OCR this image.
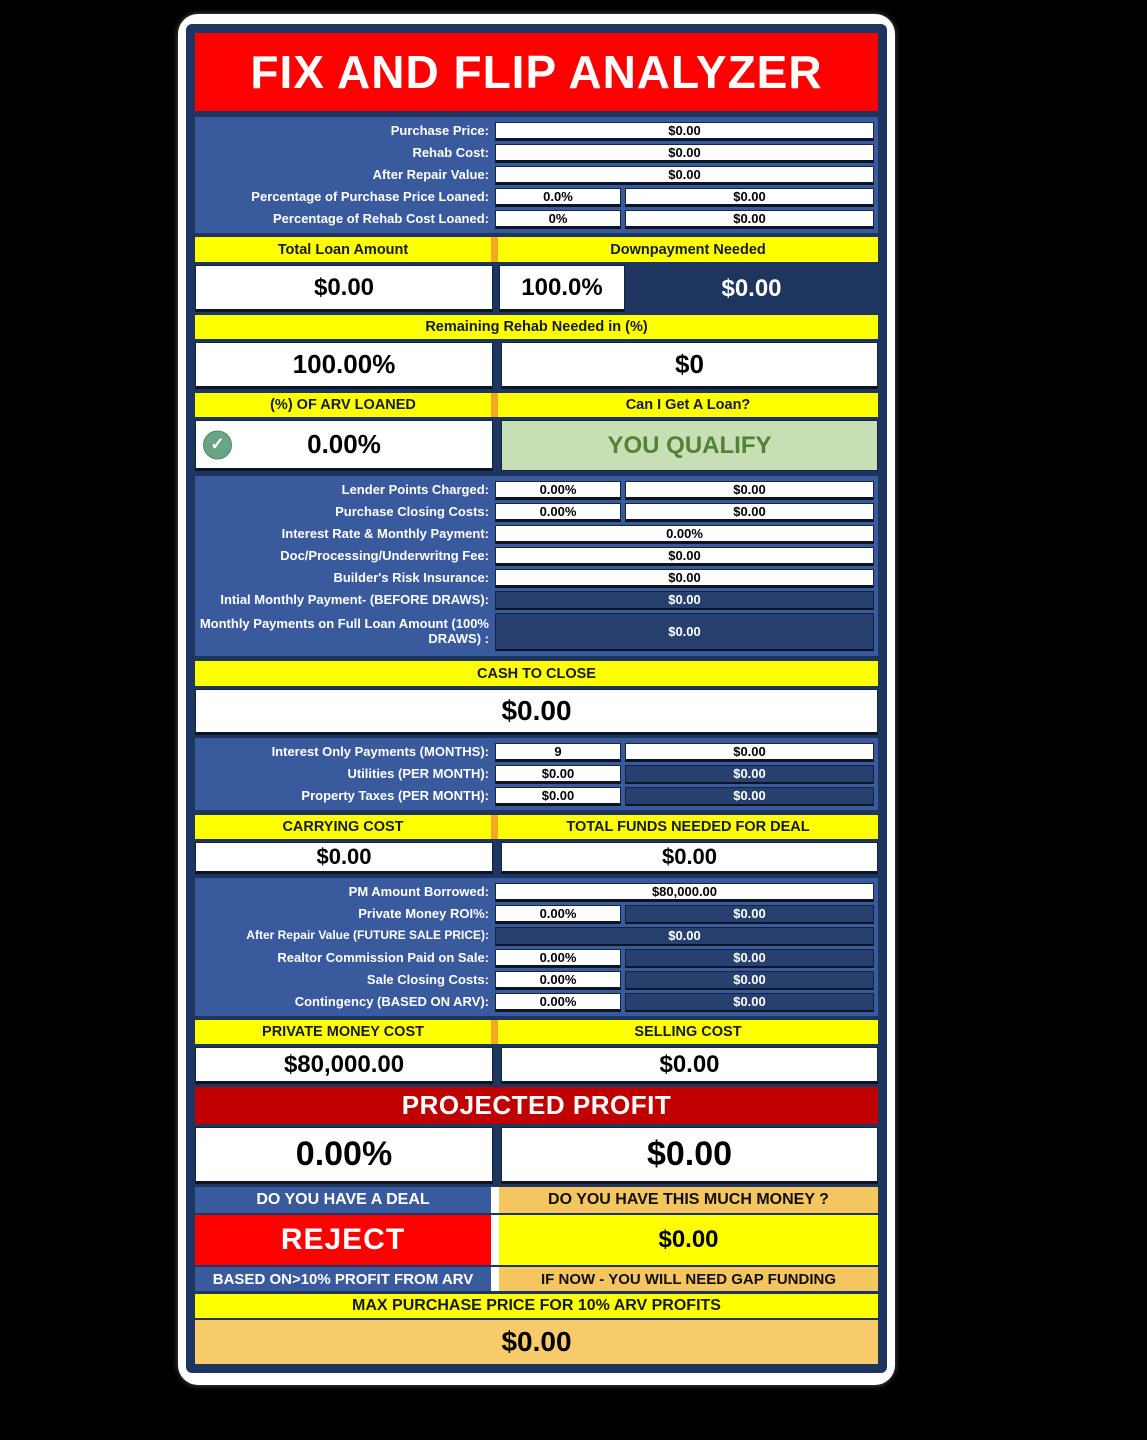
FIX AND FLIP ANALYZER
Purchase Price:	$0.00
Rehab Cost:	$0.00
After Repair Value:	$0.00
Percentage of Purchase Price Loaned:	0.0%	$0.00
Percentage of Rehab Cost Loaned:	0%	$0.00
Total Loan Amount	Downpayment Needed
$0.00	100.0%	$0.00
Remaining Rehab Needed in (%)
100.00%	$0
(%) OF ARV LOANED	Can I Get A Loan?
✓	0.00%	YOU QUALIFY
Lender Points Charged:	0.00%	$0.00
Purchase Closing Costs:	0.00%	$0.00
Interest Rate & Monthly Payment:	0.00%
Doc/Processing/Underwritng Fee:	$0.00
Builder's Risk Insurance:	$0.00
Intial Monthly Payment- (BEFORE DRAWS):	$0.00
Monthly Payments on Full Loan Amount (100% DRAWS) :	$0.00
CASH TO CLOSE
$0.00
Interest Only Payments (MONTHS):	9	$0.00
Utilities (PER MONTH):	$0.00	$0.00
Property Taxes (PER MONTH):	$0.00	$0.00
CARRYING COST	TOTAL FUNDS NEEDED FOR DEAL
$0.00	$0.00
PM Amount Borrowed:	$80,000.00
Private Money ROI%:	0.00%	$0.00
After Repair Value (FUTURE SALE PRICE):	$0.00
Realtor Commission Paid on Sale:	0.00%	$0.00
Sale Closing Costs:	0.00%	$0.00
Contingency (BASED ON ARV):	0.00%	$0.00
PRIVATE MONEY COST	SELLING COST
$80,000.00	$0.00
PROJECTED PROFIT
0.00%	$0.00
DO YOU HAVE A DEAL	DO YOU HAVE THIS MUCH MONEY ?
REJECT	$0.00
BASED ON>10% PROFIT FROM ARV	IF NOW - YOU WILL NEED GAP FUNDING
MAX PURCHASE PRICE FOR 10% ARV PROFITS
$0.00
